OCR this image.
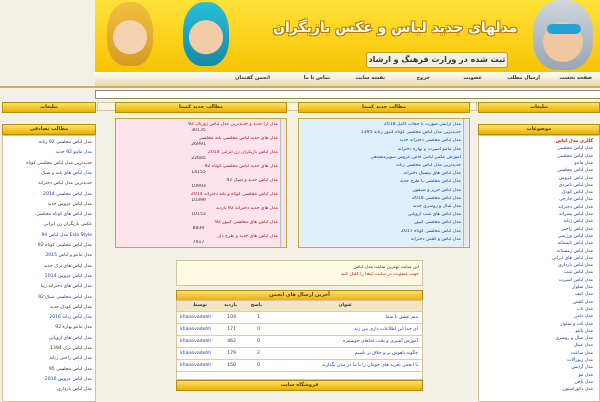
مدلهای جدید لباس و عکس بازیگران
ثبت شده در وزارت فرهنگ و ارشاد
صفحه نخست
ارسال مطلب
عضویت
خروج
نقشه سایت
تماس با ما
انجمن گفتمان
تبلیغات
موضوعات
گالری مدل لباس
مدل لباس مجلسی
مدل لباس مجلسی
مدل مانتو
مدل لباس مجلسی
مدل لباس عروس
مدل لباس نامزدی
مدل لباس کودک
مدل لباس خارجی
مدل لباس دخترانه
مدل لباس پسرانه
مدل لباس زنانه
مدل لباس راحتی
مدل لباس ورزشی
مدل لباس تابستانه
مدل لباس زمستانه
مدل لباس های ایرانی
مدل لباس بارداری
مدل لباس شب
مدل لباس اسپرت
مدل شلوار
مدل کیف
مدل کفش
مدل تاپ
مدل دامن
مدل کت و شلوار
مدل پالتو
مدل شال و روسری
مدل عینک
مدل ساعت
مدل زیورآلات
مدل آرایش
مدل مو
مدل ناخن
مدل دکوراسیون
تبلیغات
مطالب تصادفی
مدل لباس مجلسی 92 زنانه
مدل مانتو 92 جدید
جدیدترین مدل لباس مجلسی کوتاه
مدل لباس های بلند و شیک
جدیدترین مدل لباس دخترانه
مدل لباس مجلسی 2014
مدل لباس عروس جدید
مدل لباس های کوتاه مجلسی
عکس بازیگران زن ایرانی
مدل لباس 94 Esla Style
مدل لباس مجلسی کوتاه 92
مدل مانتو و لباس 2015
مدل لباس های ترک جدید
مدل لباس عروس 2014
مدل لباس های دخترانه زیبا
مدل لباس مجلسی شیک 92
مدل لباس کودک جدید
مدل لباس زنانه 2016
مدل مانتو بهاره 92
مدل لباس های اروپایی
مدل لباس ترک 1394
مدل لباس راحتی زنانه
مدل لباس مجلسی 95
مدل لباس عروس 2016
مدل لباس بارداری
مطالب جدید کمیتا
مطالب جدید کمیتا
مدل آرایش صورت با حجاب کامل 2018
جدیدترین مدل لباس مجلسی کوتاه گیپور زنانه 1395
مدل لباس مجلسی دخترانه جدید
مدل مانتو اسپرت و بهاره دخترانه
آموزش عکس لباس خاص عروس سوپرمنجمعی
جدیدترین مدل لباس مجلسی زنانه
مدل لباس های بیسیک دخترانه
مدل لباس مجلسی با طرح جدید
مدل لباس حریر و شیفون
مدل لباس مجلسی 2018
مدل شال و روسری جدید
مدل لباس های شب اروپایی
مدل لباس مجلسی گیپور
مدل لباس مجلسی کوتاه 2017
مدل لباس و کفش دخترانه
مدل آرا جدید و جدیدترین مدل لباس ژورنال 92
30135
مدل های جدید لباس مجلسی بلند مجلسی
26991
مدل لباس بازیگران زن ایرانی 2014
22685
مدل های جدید لباس مجلسی کوتاه 92
14155
مدل لباس جدید و شیک 92
10993
مدل لباس مجلسی کوتاه و بلند دخترانه 2014
10399
مدل های جدید دخترانه 92 بازدید
10153
مدل لباس های مجلسی گیپور 92
8839
مدل لباس های جدید و طرح دار
7917
این سایت بهترین سایت مدل لباس
جهت عضویت در سایت اینجا را کلیک کنید
آخرین ارسال های انجمن
عنوان
پاسخ
بازدید
توسط
منم عشق با شما
1
104
khanevadehh
اي خدا اين اطلاعات داري مي زنه
0
171
khanevadehh
آموزش آشپزي و پخت غذاهاي خوشمزه
0
462
khanevadehh
چگونه باهوش تر و خلاق تر باشيم
2
179
khanevadehh
با انجمن تجربه هاي خوبتان را با ما در ميان بگذاريد
0
150
khanevadehh
فروشگاه سایت
